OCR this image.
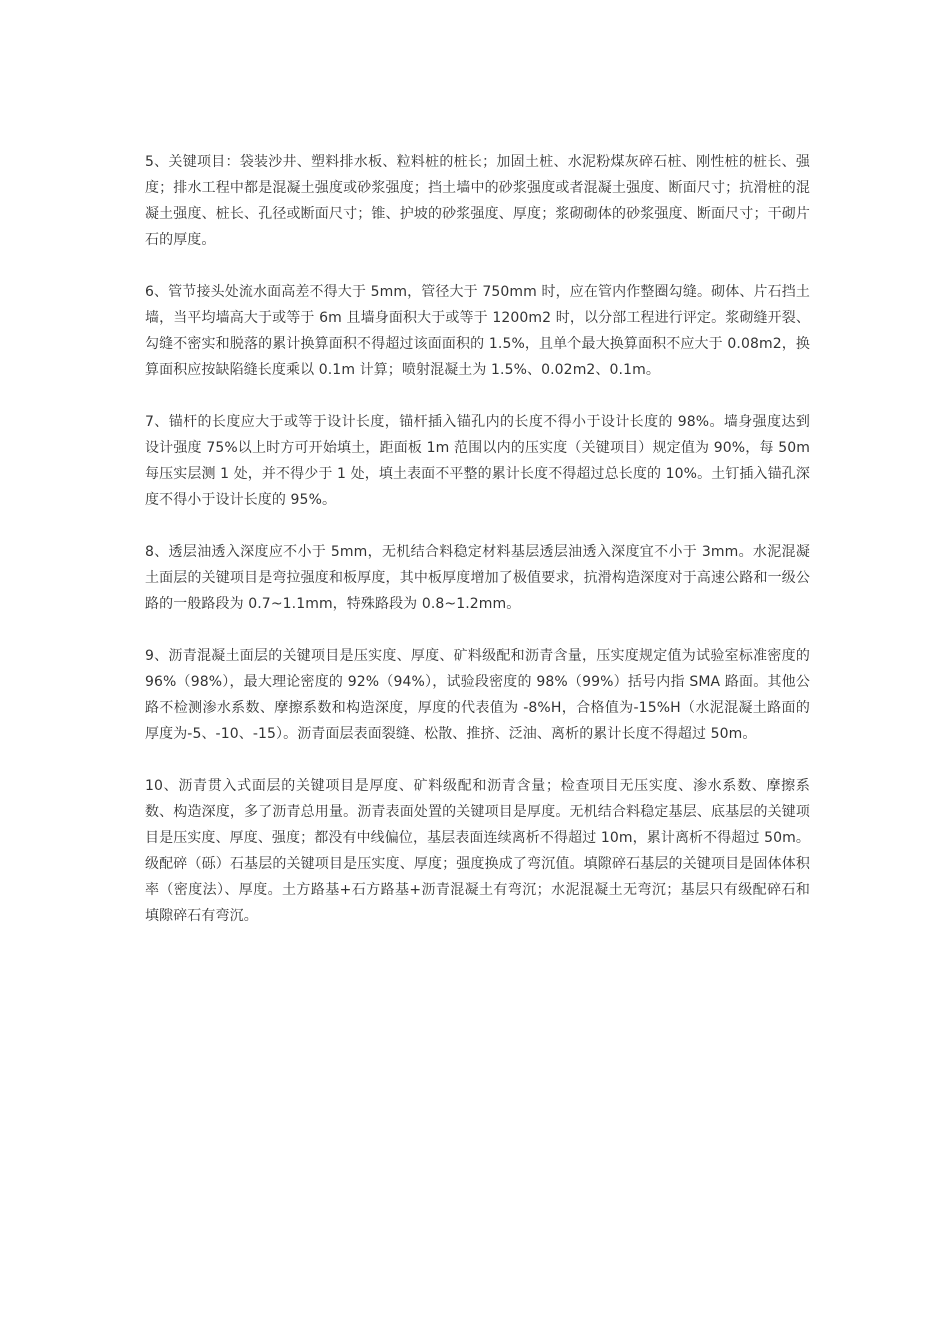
5、关键项目：袋装沙井、塑料排水板、粒料桩的桩长；加固土桩、水泥粉煤灰碎石桩、刚性桩的桩长、强度；排水工程中都是混凝土强度或砂浆强度；挡土墙中的砂浆强度或者混凝土强度、断面尺寸；抗滑桩的混凝土强度、桩长、孔径或断面尺寸；锥、护坡的砂浆强度、厚度；浆砌砌体的砂浆强度、断面尺寸；干砌片石的厚度。

6、管节接头处流水面高差不得大于 5mm，管径大于 750mm 时，应在管内作整圈勾缝。砌体、片石挡土墙，当平均墙高大于或等于 6m 且墙身面积大于或等于 1200m2 时，以分部工程进行评定。浆砌缝开裂、勾缝不密实和脱落的累计换算面积不得超过该面面积的 1.5%，且单个最大换算面积不应大于 0.08m2，换算面积应按缺陷缝长度乘以 0.1m 计算；喷射混凝土为 1.5%、0.02m2、0.1m。

7、锚杆的长度应大于或等于设计长度，锚杆插入锚孔内的长度不得小于设计长度的 98%。墙身强度达到设计强度 75%以上时方可开始填土，距面板 1m 范围以内的压实度（关键项目）规定值为 90%，每 50m 每压实层测 1 处，并不得少于 1 处，填土表面不平整的累计长度不得超过总长度的 10%。土钉插入锚孔深度不得小于设计长度的 95%。

8、透层油透入深度应不小于 5mm，无机结合料稳定材料基层透层油透入深度宜不小于 3mm。水泥混凝土面层的关键项目是弯拉强度和板厚度，其中板厚度增加了极值要求，抗滑构造深度对于高速公路和一级公路的一般路段为 0.7~1.1mm，特殊路段为 0.8~1.2mm。

9、沥青混凝土面层的关键项目是压实度、厚度、矿料级配和沥青含量，压实度规定值为试验室标准密度的 96%（98%），最大理论密度的 92%（94%），试验段密度的 98%（99%）括号内指 SMA 路面。其他公路不检测渗水系数、摩擦系数和构造深度，厚度的代表值为 -8%H，合格值为-15%H（水泥混凝土路面的厚度为-5、-10、-15）。沥青面层表面裂缝、松散、推挤、泛油、离析的累计长度不得超过 50m。

10、沥青贯入式面层的关键项目是厚度、矿料级配和沥青含量；检查项目无压实度、渗水系数、摩擦系数、构造深度，多了沥青总用量。沥青表面处置的关键项目是厚度。无机结合料稳定基层、底基层的关键项目是压实度、厚度、强度；都没有中线偏位，基层表面连续离析不得超过 10m，累计离析不得超过 50m。级配碎（砾）石基层的关键项目是压实度、厚度；强度换成了弯沉值。填隙碎石基层的关键项目是固体体积率（密度法）、厚度。土方路基+石方路基+沥青混凝土有弯沉；水泥混凝土无弯沉；基层只有级配碎石和填隙碎石有弯沉。
